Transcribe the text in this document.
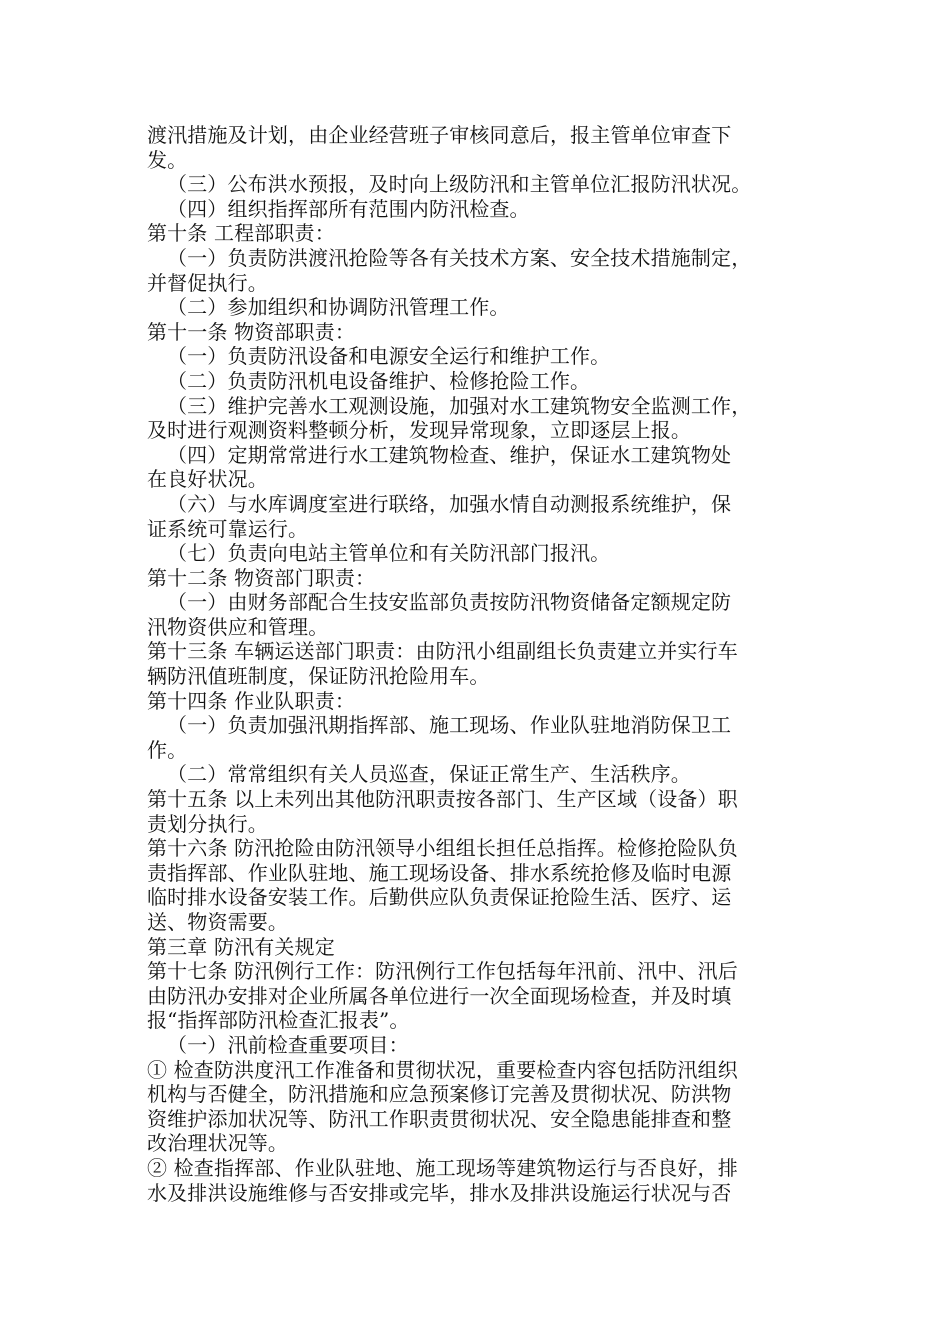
渡汛措施及计划，由企业经营班子审核同意后，报主管单位审查下
发。
（三）公布洪水预报，及时向上级防汛和主管单位汇报防汛状况。
（四）组织指挥部所有范围内防汛检查。
第十条 工程部职责：
（一）负责防洪渡汛抢险等各有关技术方案、安全技术措施制定，
并督促执行。
（二）参加组织和协调防汛管理工作。
第十一条 物资部职责：
（一）负责防汛设备和电源安全运行和维护工作。
（二）负责防汛机电设备维护、检修抢险工作。
（三）维护完善水工观测设施，加强对水工建筑物安全监测工作，
及时进行观测资料整顿分析，发现异常现象，立即逐层上报。
（四）定期常常进行水工建筑物检查、维护，保证水工建筑物处
在良好状况。
（六）与水库调度室进行联络，加强水情自动测报系统维护，保
证系统可靠运行。
（七）负责向电站主管单位和有关防汛部门报汛。
第十二条 物资部门职责：
（一）由财务部配合生技安监部负责按防汛物资储备定额规定防
汛物资供应和管理。
第十三条 车辆运送部门职责：由防汛小组副组长负责建立并实行车
辆防汛值班制度，保证防汛抢险用车。
第十四条 作业队职责：
（一）负责加强汛期指挥部、施工现场、作业队驻地消防保卫工
作。
（二）常常组织有关人员巡查，保证正常生产、生活秩序。
第十五条 以上未列出其他防汛职责按各部门、生产区域（设备）职
责划分执行。
第十六条 防汛抢险由防汛领导小组组长担任总指挥。检修抢险队负
责指挥部、作业队驻地、施工现场设备、排水系统抢修及临时电源
临时排水设备安装工作。后勤供应队负责保证抢险生活、医疗、运
送、物资需要。
第三章 防汛有关规定
第十七条 防汛例行工作：防汛例行工作包括每年汛前、汛中、汛后
由防汛办安排对企业所属各单位进行一次全面现场检查，并及时填
报“指挥部防汛检查汇报表”。
（一）汛前检查重要项目：
① 检查防洪度汛工作准备和贯彻状况，重要检查内容包括防汛组织
机构与否健全，防汛措施和应急预案修订完善及贯彻状况、防洪物
资维护添加状况等、防汛工作职责贯彻状况、安全隐患能排查和整
改治理状况等。
② 检查指挥部、作业队驻地、施工现场等建筑物运行与否良好，排
水及排洪设施维修与否安排或完毕，排水及排洪设施运行状况与否
